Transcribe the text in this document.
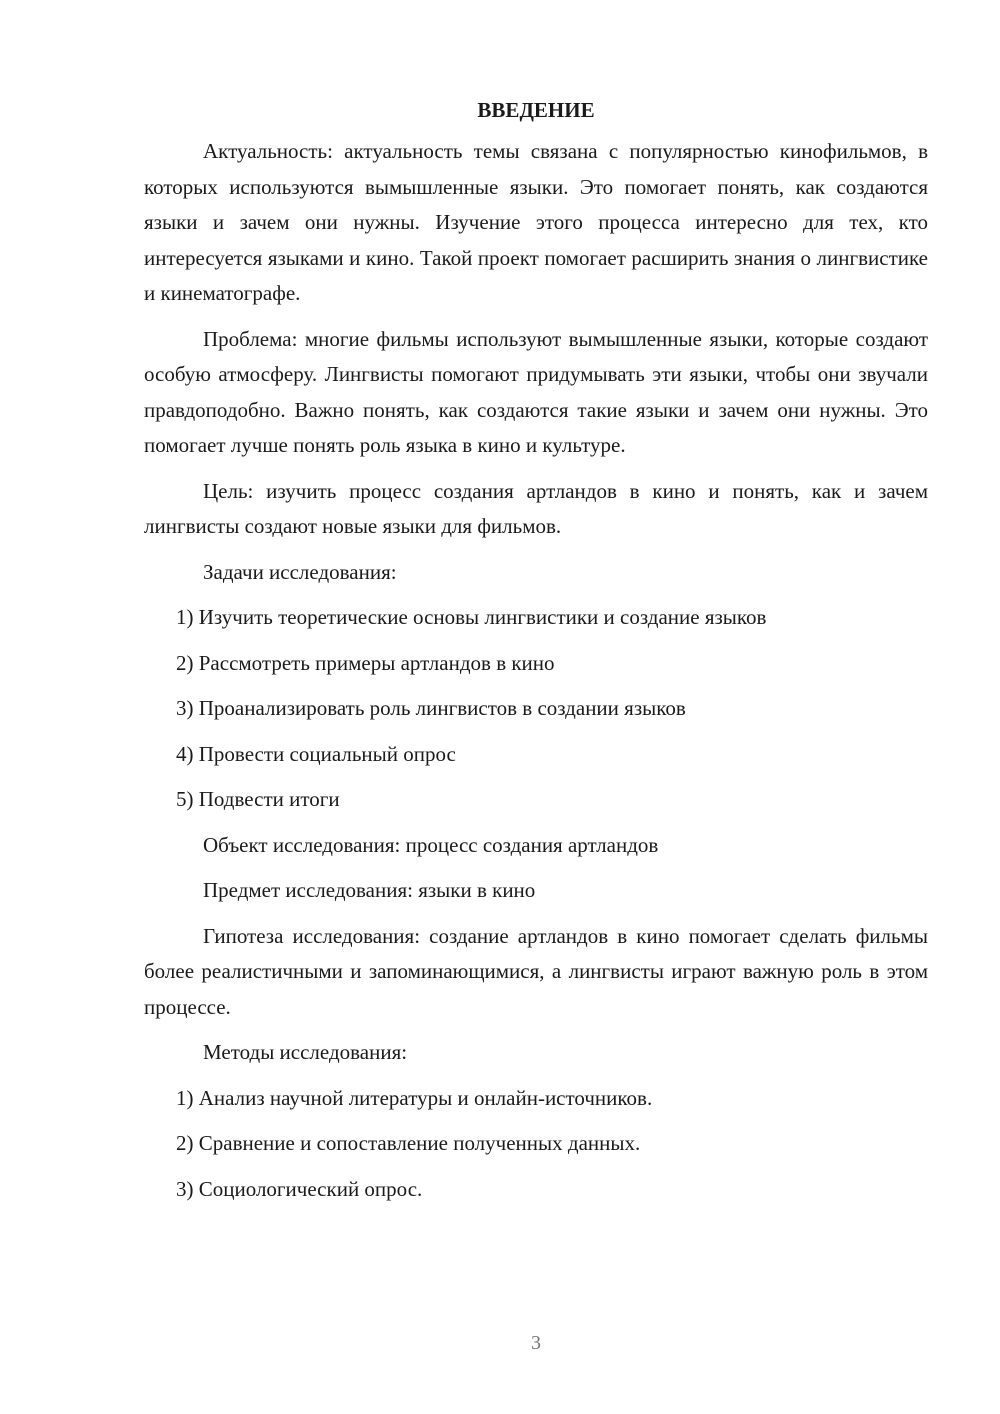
ВВЕДЕНИЕ

Актуальность: актуальность темы связана с популярностью кинофильмов, в которых используются вымышленные языки. Это помогает понять, как создаются языки и зачем они нужны. Изучение этого процесса интересно для тех, кто интересуется языками и кино. Такой проект помогает расширить знания о лингвистике и кинематографе.

Проблема: многие фильмы используют вымышленные языки, которые создают особую атмосферу. Лингвисты помогают придумывать эти языки, чтобы они звучали правдоподобно. Важно понять, как создаются такие языки и зачем они нужны. Это помогает лучше понять роль языка в кино и культуре.

Цель: изучить процесс создания артландов в кино и понять, как и зачем лингвисты создают новые языки для фильмов.

Задачи исследования:

1) Изучить теоретические основы лингвистики и создание языков

2) Рассмотреть примеры артландов в кино

3) Проанализировать роль лингвистов в создании языков

4) Провести социальный опрос

5) Подвести итоги

Объект исследования: процесс создания артландов

Предмет исследования: языки в кино

Гипотеза исследования: создание артландов в кино помогает сделать фильмы более реалистичными и запоминающимися, а лингвисты играют важную роль в этом процессе.

Методы исследования:

1) Анализ научной литературы и онлайн-источников.

2) Сравнение и сопоставление полученных данных.

3) Социологический опрос.

3
